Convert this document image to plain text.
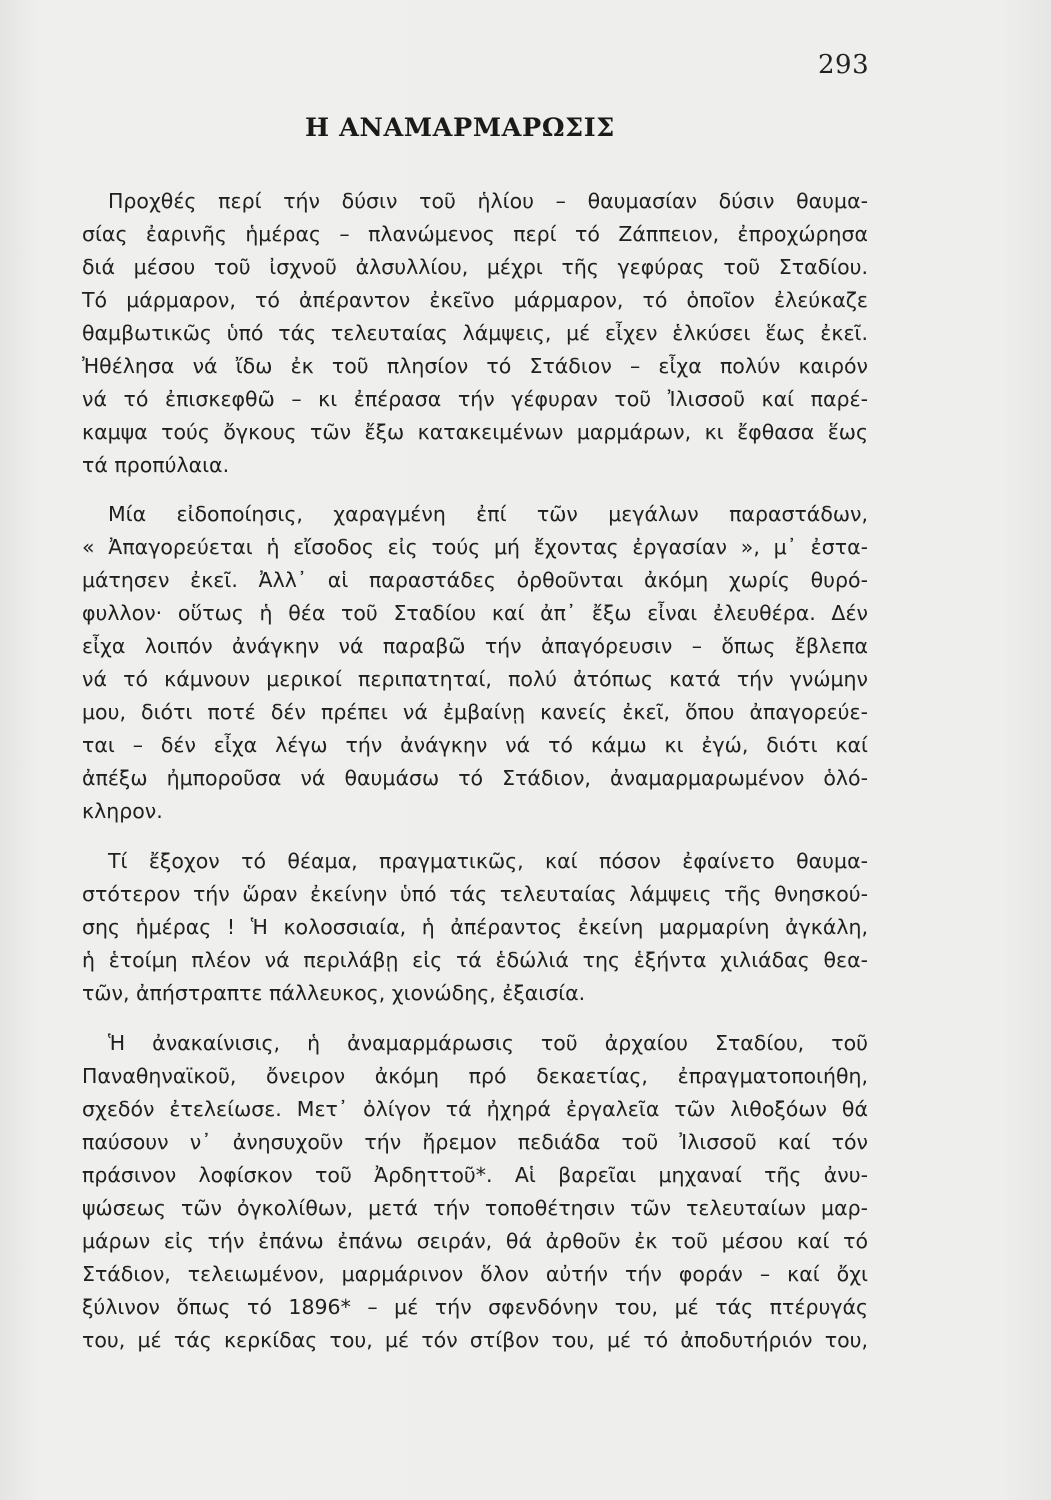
293
Η ΑΝΑΜΑΡΜΑΡΩΣΙΣ
Προχθές περί τήν δύσιν τοῦ ἡλίου – θαυμασίαν δύσιν θαυμα-
σίας ἐαρινῆς ἡμέρας – πλανώμενος περί τό Ζάππειον, ἐπροχώρησα
διά μέσου τοῦ ἰσχνοῦ ἀλσυλλίου, μέχρι τῆς γεφύρας τοῦ Σταδίου.
Τό μάρμαρον, τό ἀπέραντον ἐκεῖνο μάρμαρον, τό ὁποῖον ἐλεύκαζε
θαμβωτικῶς ὑπό τάς τελευταίας λάμψεις, μέ εἶχεν ἑλκύσει ἕως ἐκεῖ.
Ἠθέλησα νά ἴδω ἐκ τοῦ πλησίον τό Στάδιον – εἶχα πολύν καιρόν
νά τό ἐπισκεφθῶ – κι ἐπέρασα τήν γέφυραν τοῦ Ἰλισσοῦ καί παρέ-
καμψα τούς ὄγκους τῶν ἔξω κατακειμένων μαρμάρων, κι ἔφθασα ἕως
τά προπύλαια.
Μία εἰδοποίησις, χαραγμένη ἐπί τῶν μεγάλων παραστάδων,
« Ἀπαγορεύεται ἡ εἴσοδος εἰς τούς μή ἔχοντας ἐργασίαν », μ᾽ ἐστα-
μάτησεν ἐκεῖ. Ἀλλ᾽ αἱ παραστάδες ὀρθοῦνται ἀκόμη χωρίς θυρό-
φυλλον· οὕτως ἡ θέα τοῦ Σταδίου καί ἀπ᾽ ἔξω εἶναι ἐλευθέρα. Δέν
εἶχα λοιπόν ἀνάγκην νά παραβῶ τήν ἀπαγόρευσιν – ὅπως ἔβλεπα
νά τό κάμνουν μερικοί περιπατηταί, πολύ ἀτόπως κατά τήν γνώμην
μου, διότι ποτέ δέν πρέπει νά ἐμβαίνῃ κανείς ἐκεῖ, ὅπου ἀπαγορεύε-
ται – δέν εἶχα λέγω τήν ἀνάγκην νά τό κάμω κι ἐγώ, διότι καί
ἀπέξω ἠμποροῦσα νά θαυμάσω τό Στάδιον, ἀναμαρμαρωμένον ὁλό-
κληρον.
Τί ἔξοχον τό θέαμα, πραγματικῶς, καί πόσον ἐφαίνετο θαυμα-
στότερον τήν ὥραν ἐκείνην ὑπό τάς τελευταίας λάμψεις τῆς θνησκού-
σης ἡμέρας ! Ἡ κολοσσιαία, ἡ ἀπέραντος ἐκείνη μαρμαρίνη ἀγκάλη,
ἡ ἑτοίμη πλέον νά περιλάβῃ εἰς τά ἑδώλιά της ἑξήντα χιλιάδας θεα-
τῶν, ἀπήστραπτε πάλλευκος, χιονώδης, ἐξαισία.
Ἡ ἀνακαίνισις, ἡ ἀναμαρμάρωσις τοῦ ἀρχαίου Σταδίου, τοῦ
Παναθηναϊκοῦ, ὄνειρον ἀκόμη πρό δεκαετίας, ἐπραγματοποιήθη,
σχεδόν ἐτελείωσε. Μετ᾽ ὀλίγον τά ἠχηρά ἐργαλεῖα τῶν λιθοξόων θά
παύσουν ν᾽ ἀνησυχοῦν τήν ἤρεμον πεδιάδα τοῦ Ἰλισσοῦ καί τόν
πράσινον λοφίσκον τοῦ Ἀρδηττοῦ*. Αἱ βαρεῖαι μηχαναί τῆς ἀνυ-
ψώσεως τῶν ὀγκολίθων, μετά τήν τοποθέτησιν τῶν τελευταίων μαρ-
μάρων εἰς τήν ἐπάνω ἐπάνω σειράν, θά ἀρθοῦν ἐκ τοῦ μέσου καί τό
Στάδιον, τελειωμένον, μαρμάρινον ὅλον αὐτήν τήν φοράν – καί ὄχι
ξύλινον ὅπως τό 1896* – μέ τήν σφενδόνην του, μέ τάς πτέρυγάς
του, μέ τάς κερκίδας του, μέ τόν στίβον του, μέ τό ἀποδυτήριόν του,
